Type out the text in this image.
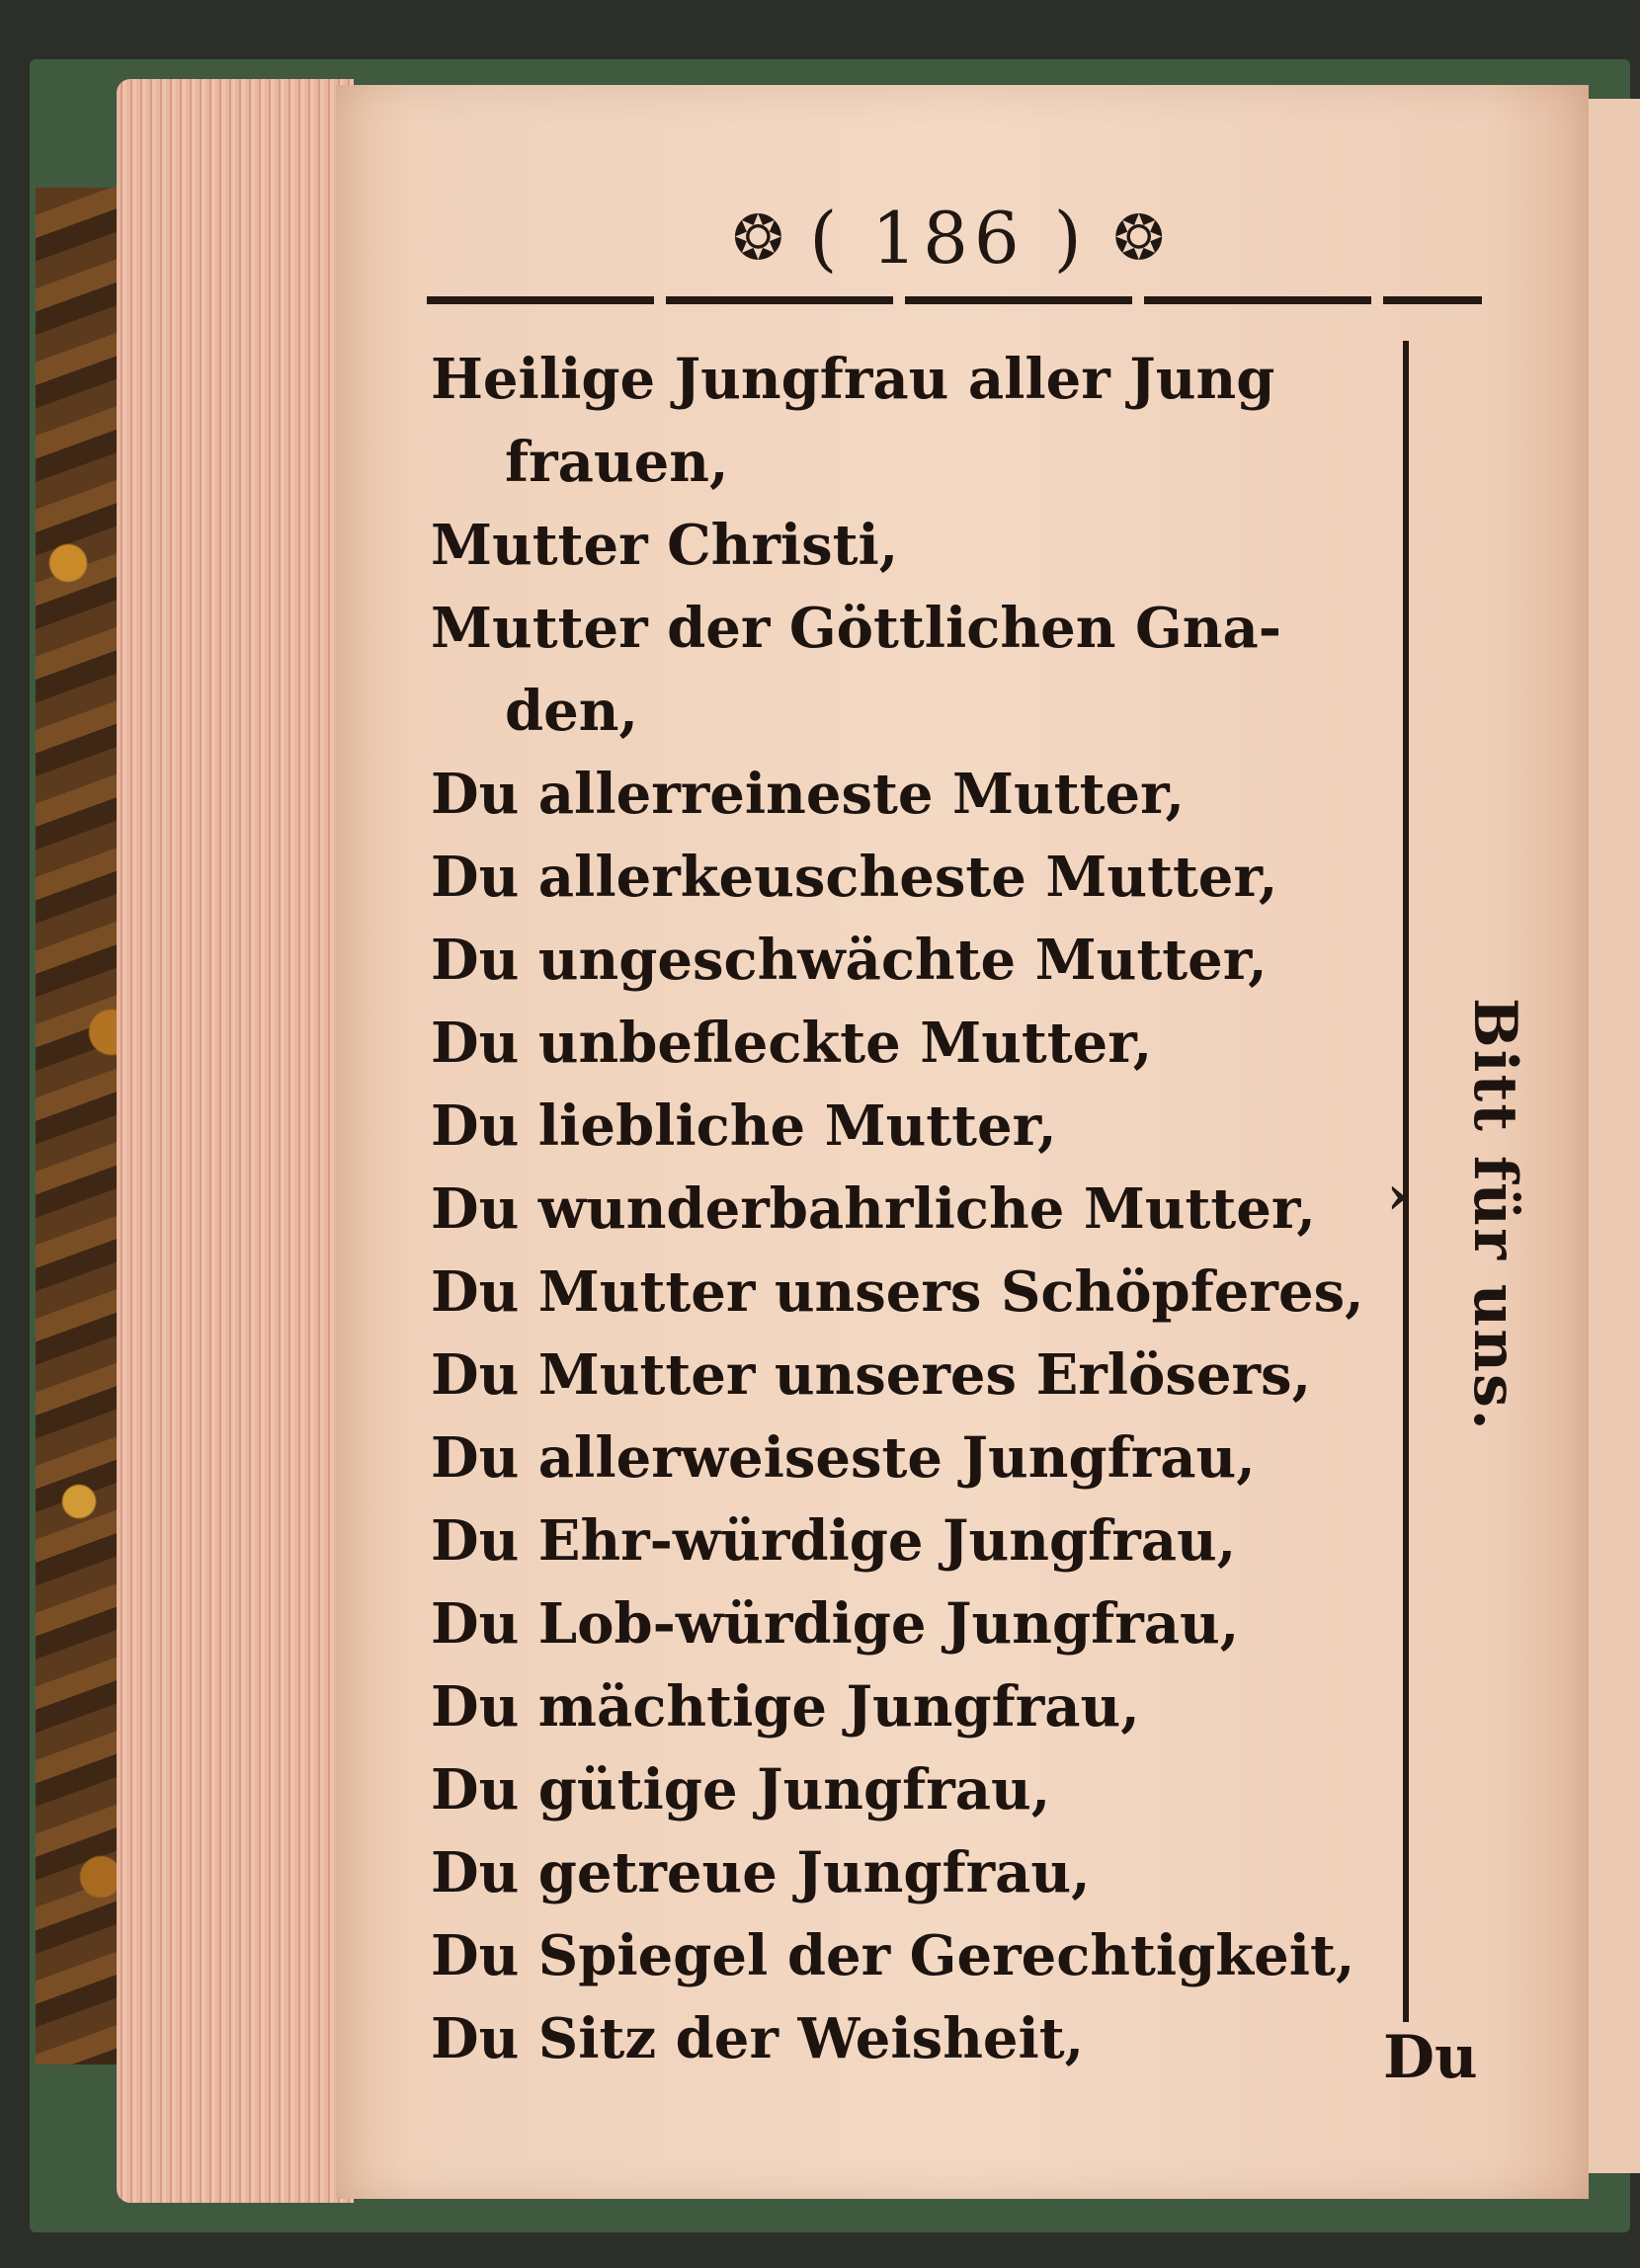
❂ ( 186 ) ❂
Heilige Jungfrau aller Jung
frauen,
Mutter Christi,
Mutter der Göttlichen Gna-
den,
Du allerreineste Mutter,
Du allerkeuscheste Mutter,
Du ungeschwächte Mutter,
Du unbefleckte Mutter,
Du liebliche Mutter,
Du wunderbahrliche Mutter,
Du Mutter unsers Schöpferes,
Du Mutter unseres Erlösers,
Du allerweiseste Jungfrau,
Du Ehr-würdige Jungfrau,
Du Lob-würdige Jungfrau,
Du mächtige Jungfrau,
Du gütige Jungfrau,
Du getreue Jungfrau,
Du Spiegel der Gerechtigkeit,
Du Sitz der Weisheit,
› Bitt für uns.
Du
